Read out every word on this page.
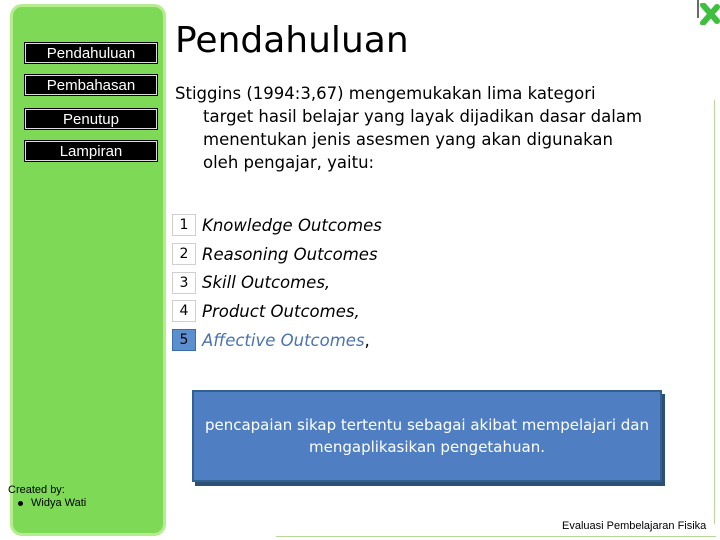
Pendahuluan
Pembahasan
Penutup
Lampiran
Created by:
Widya Wati
Pendahuluan
Stiggins (1994:3,67) mengemukakan lima kategori target hasil belajar yang layak dijadikan dasar dalam menentukan jenis asesmen yang akan digunakan oleh pengajar, yaitu:
1 Knowledge Outcomes
2 Reasoning Outcomes
3 Skill Outcomes,
4 Product Outcomes,
5 Affective Outcomes ,
pencapaian sikap tertentu sebagai akibat mempelajari dan mengaplikasikan pengetahuan.
Evaluasi Pembelajaran Fisika
